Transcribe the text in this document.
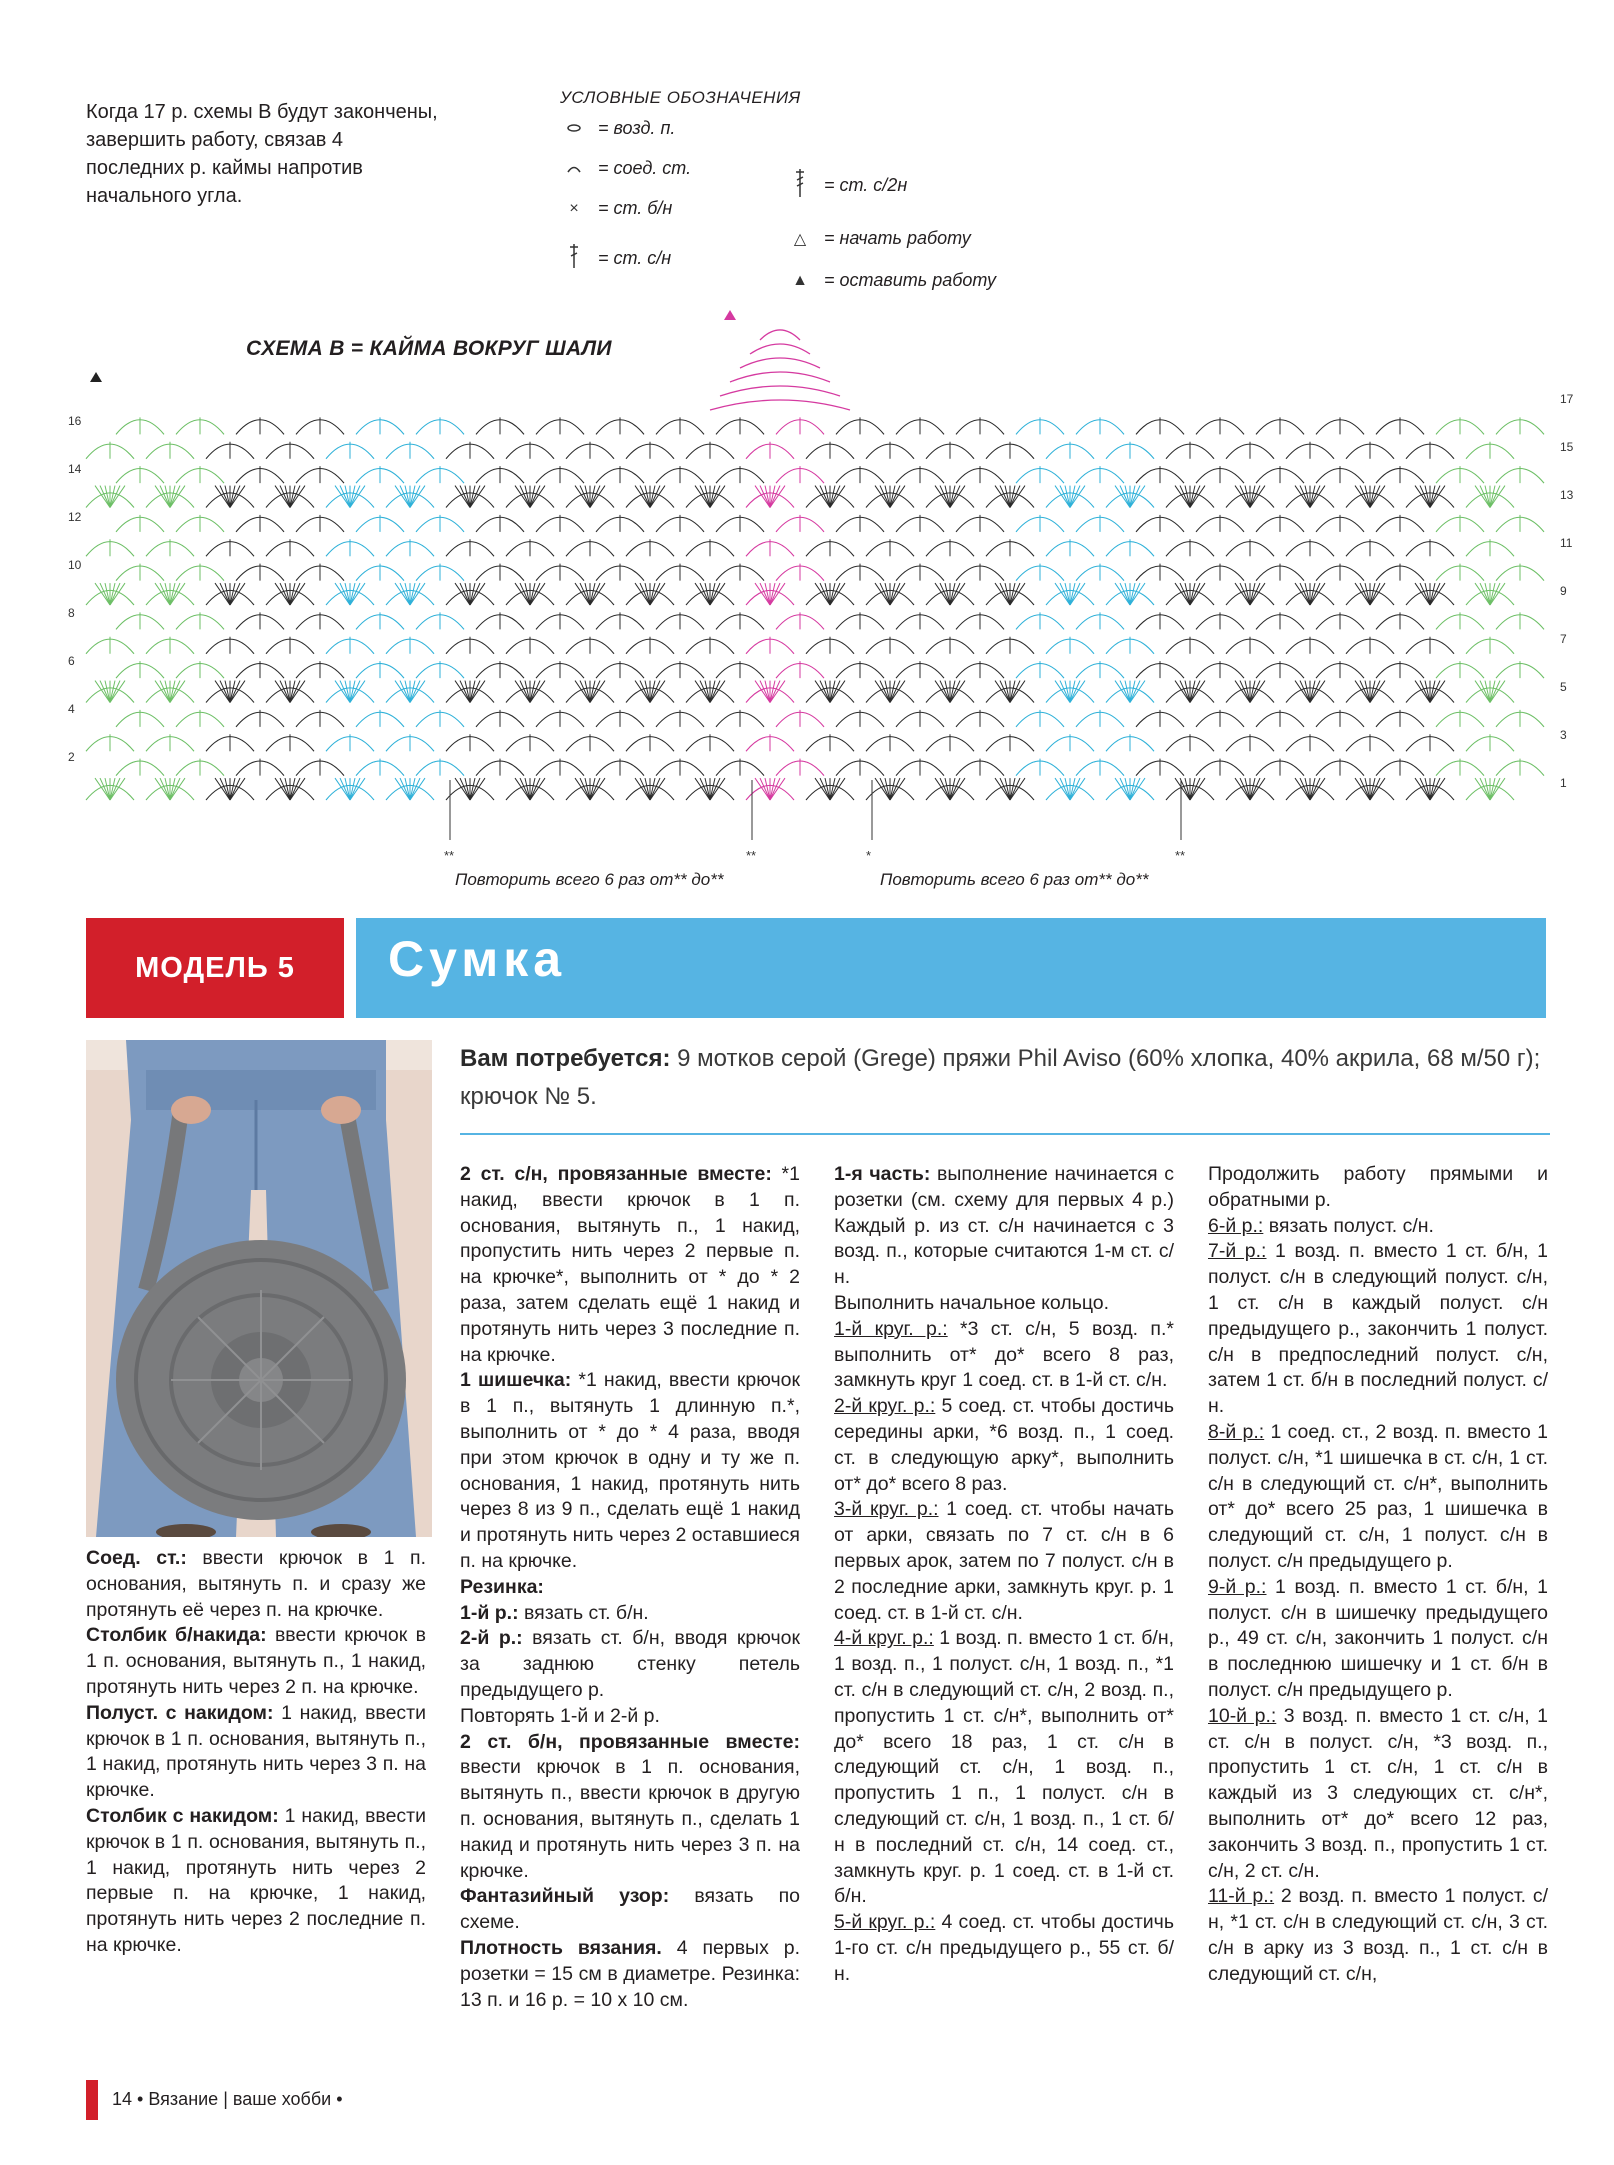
Когда 17 р. схемы В будут закончены, завершить работу, связав 4 последних р. каймы напротив начального угла.
УСЛОВНЫЕ ОБОЗНАЧЕНИЯ
= возд. п.
= соед. ст.
×	= ст. б/н
= ст. с/н
= ст. с/2н
△ = начать работу
▲ = оставить работу
СХЕМА В = КАЙМА ВОКРУГ ШАЛИ
16
14
12
10
8
6
4
2
17
15
13
11
9
7
5
3
1
**	**	*	**
Повторить всего 6 раз от** до**	Повторить всего 6 раз от** до**
МОДЕЛЬ 5	Сумка
Вам потребуется: 9 мотков серой (Grege) пряжи Phil Aviso (60% хлопка, 40% акрила, 68 м/50 г); крючок № 5.

Соед. ст.: ввести крючок в 1 п. основания, вытянуть п. и сразу же протянуть её через п. на крючке.

Столбик б/накида: ввести крючок в 1 п. основания, вытянуть п., 1 накид, протянуть нить через 2 п. на крючке.

Полуст. с накидом: 1 накид, ввести крючок в 1 п. основания, вытянуть п., 1 накид, протянуть нить через 3 п. на крючке.

Столбик с накидом: 1 накид, ввести крючок в 1 п. основания, вытянуть п., 1 накид, протянуть нить через 2 первые п. на крючке, 1 накид, протянуть нить через 2 последние п. на крючке.

2 ст. с/н, провязанные вместе: *1 накид, ввести крючок в 1 п. основания, вытянуть п., 1 накид, пропустить нить через 2 первые п. на крючке*, выполнить от * до * 2 раза, затем сделать ещё 1 накид и протянуть нить через 3 последние п. на крючке.

1 шишечка: *1 накид, ввести крючок в 1 п., вытянуть 1 длинную п.*, выполнить от * до * 4 раза, вводя при этом крючок в одну и ту же п. основания, 1 накид, протянуть нить через 8 из 9 п., сделать ещё 1 накид и протянуть нить через 2 оставшиеся п. на крючке.

Резинка:

1-й р.: вязать ст. б/н.

2-й р.: вязать ст. б/н, вводя крючок за заднюю стенку петель предыдущего р.

Повторять 1-й и 2-й р.

2 ст. б/н, провязанные вместе: ввести крючок в 1 п. основания, вытянуть п., ввести крючок в другую п. основания, вытянуть п., сделать 1 накид и протянуть нить через 3 п. на крючке.

Фантазийный узор: вязать по схеме.

Плотность вязания. 4 первых р. розетки = 15 см в диаметре. Резинка: 13 п. и 16 р. = 10 х 10 см.

1-я часть: выполнение начинается с розетки (см. схему для первых 4 р.) Каждый р. из ст. с/н начинается с 3 возд. п., которые считаются 1-м ст. с/н.

Выполнить начальное кольцо.

1-й круг. р.: *3 ст. с/н, 5 возд. п.* выполнить от* до* всего 8 раз, замкнуть круг 1 соед. ст. в 1-й ст. с/н.

2-й круг. р.: 5 соед. ст. чтобы достичь середины арки, *6 возд. п., 1 соед. ст. в следующую арку*, выполнить от* до* всего 8 раз.

3-й круг. р.: 1 соед. ст. чтобы начать от арки, связать по 7 ст. с/н в 6 первых арок, затем по 7 полуст. с/н в 2 последние арки, замкнуть круг. р. 1 соед. ст. в 1-й ст. с/н.

4-й круг. р.: 1 возд. п. вместо 1 ст. б/н, 1 возд. п., 1 полуст. с/н, 1 возд. п., *1 ст. с/н в следующий ст. с/н, 2 возд. п., пропустить 1 ст. с/н*, выполнить от* до* всего 18 раз, 1 ст. с/н в следующий ст. с/н, 1 возд. п., пропустить 1 п., 1 полуст. с/н в следующий ст. с/н, 1 возд. п., 1 ст. б/н в последний ст. с/н, 14 соед. ст., замкнуть круг. р. 1 соед. ст. в 1-й ст. б/н.

5-й круг. р.: 4 соед. ст. чтобы достичь 1-го ст. с/н предыдущего р., 55 ст. б/н.

Продолжить работу прямыми и обратными р.

6-й р.: вязать полуст. с/н.

7-й р.: 1 возд. п. вместо 1 ст. б/н, 1 полуст. с/н в следующий полуст. с/н, 1 ст. с/н в каждый полуст. с/н предыдущего р., закончить 1 полуст. с/н в предпоследний полуст. с/н, затем 1 ст. б/н в последний полуст. с/н.

8-й р.: 1 соед. ст., 2 возд. п. вместо 1 полуст. с/н, *1 шишечка в ст. с/н, 1 ст. с/н в следующий ст. с/н*, выполнить от* до* всего 25 раз, 1 шишечка в следующий ст. с/н, 1 полуст. с/н в полуст. с/н предыдущего р.

9-й р.: 1 возд. п. вместо 1 ст. б/н, 1 полуст. с/н в шишечку предыдущего р., 49 ст. с/н, закончить 1 полуст. с/н в последнюю шишечку и 1 ст. б/н в полуст. с/н предыдущего р.

10-й р.: 3 возд. п. вместо 1 ст. с/н, 1 ст. с/н в полуст. с/н, *3 возд. п., пропустить 1 ст. с/н, 1 ст. с/н в каждый из 3 следующих ст. с/н*, выполнить от* до* всего 12 раз, закончить 3 возд. п., пропустить 1 ст. с/н, 2 ст. с/н.

11-й р.: 2 возд. п. вместо 1 полуст. с/н, *1 ст. с/н в следующий ст. с/н, 3 ст. с/н в арку из 3 возд. п., 1 ст. с/н в следующий ст. с/н,

14 • Вязание | ваше хобби •
